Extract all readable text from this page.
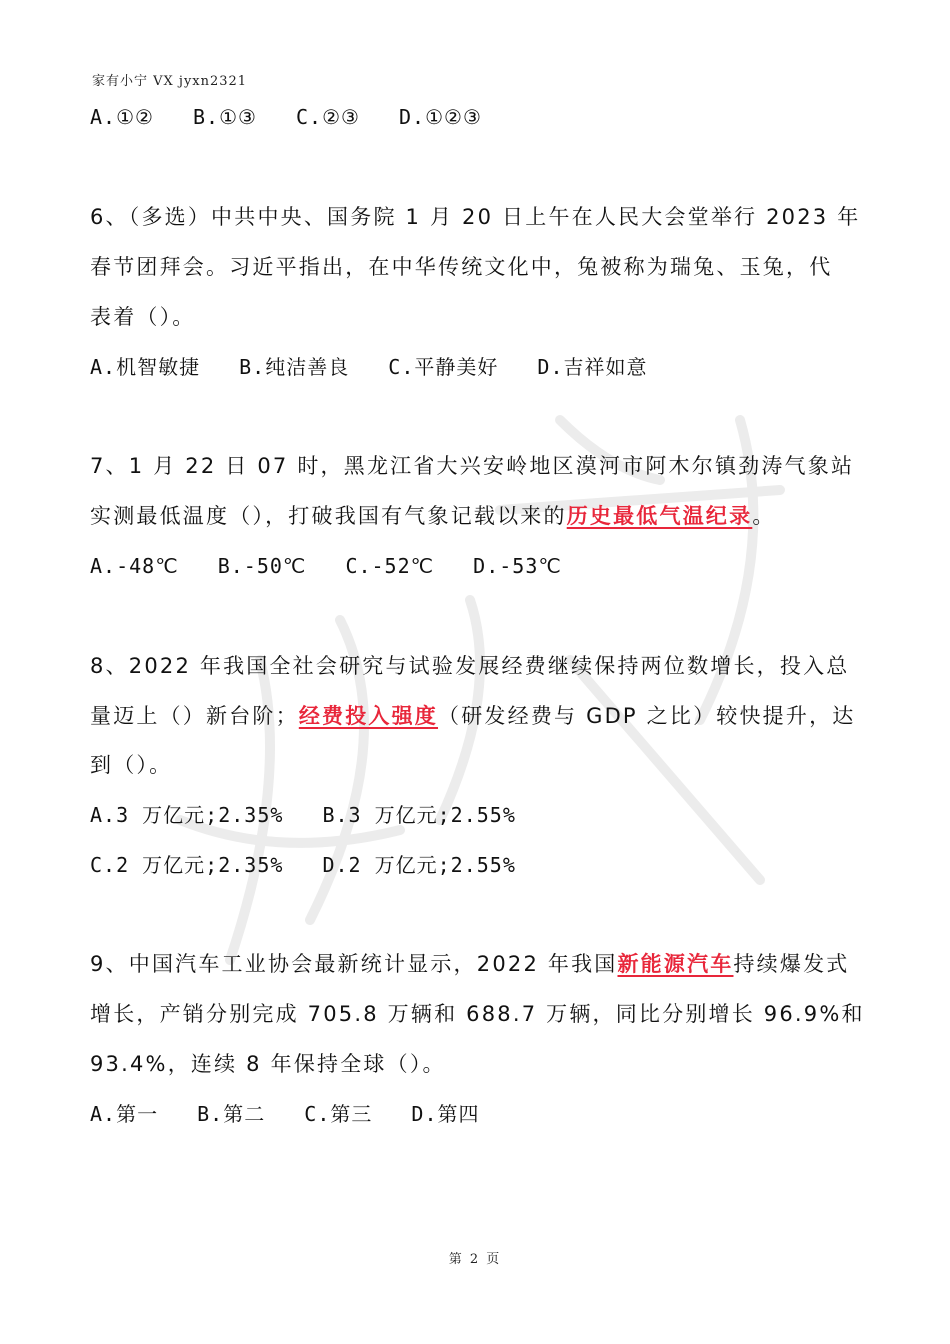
家有小宁 VX jyxn2321
A.①② B.①③ C.②③ D.①②③
6、（多选）中共中央、国务院 1 月 20 日上午在人民大会堂举行 2023 年
春节团拜会。习近平指出，在中华传统文化中，兔被称为瑞兔、玉兔，代
表着（）。
A.机智敏捷 B.纯洁善良 C.平静美好 D.吉祥如意
7、1 月 22 日 07 时，黑龙江省大兴安岭地区漠河市阿木尔镇劲涛气象站
实测最低温度（），打破我国有气象记载以来的历史最低气温纪录。
A.-48℃ B.-50℃ C.-52℃ D.-53℃
8、2022 年我国全社会研究与试验发展经费继续保持两位数增长，投入总
量迈上（）新台阶；经费投入强度（研发经费与 GDP 之比）较快提升，达
到（）。
A.3 万亿元;2.35% B.3 万亿元;2.55%
C.2 万亿元;2.35% D.2 万亿元;2.55%
9、中国汽车工业协会最新统计显示，2022 年我国新能源汽车持续爆发式
增长，产销分别完成 705.8 万辆和 688.7 万辆，同比分别增长 96.9%和
93.4%，连续 8 年保持全球（）。
A.第一 B.第二 C.第三 D.第四
第 2 页
